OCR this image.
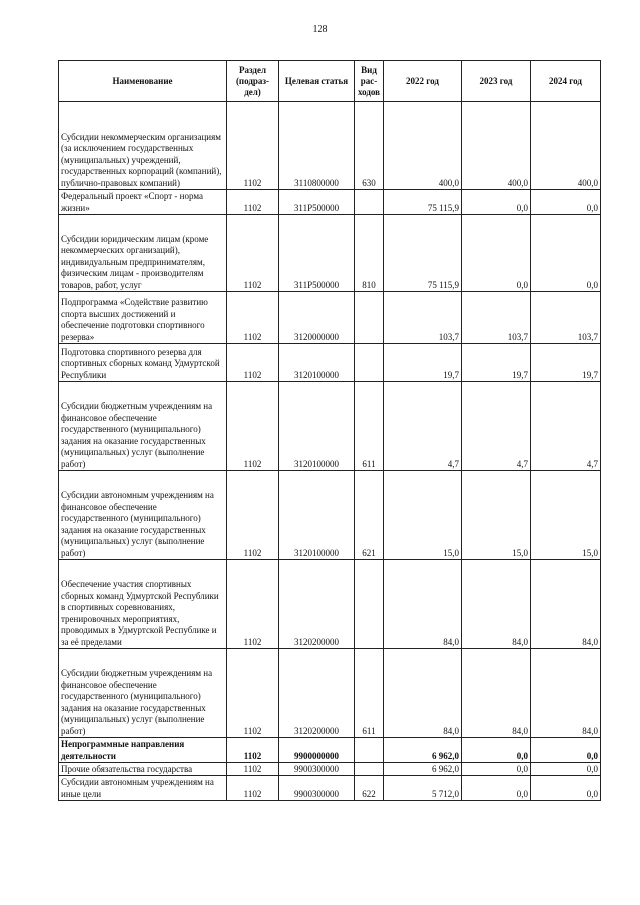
128
Наименование	Раздел (подраз-дел)	Целевая статья	Вид рас-ходов	2022 год	2023 год	2024 год
Субсидии некоммерческим организациям (за исключением государственных (муниципальных) учреждений, государственных корпораций (компаний), публично-правовых компаний)	1102	3110800000	630	400,0	400,0	400,0
Федеральный проект «Спорт - норма жизни»	1102	311Р500000		75 115,9	0,0	0,0
Субсидии юридическим лицам (кроме некоммерческих организаций), индивидуальным предпринимателям, физическим лицам - производителям товаров, работ, услуг	1102	311Р500000	810	75 115,9	0,0	0,0
Подпрограмма «Содействие развитию спорта высших достижений и обеспечение подготовки спортивного резерва»	1102	3120000000		103,7	103,7	103,7
Подготовка спортивного резерва для спортивных сборных команд Удмуртской Республики	1102	3120100000		19,7	19,7	19,7
Субсидии бюджетным учреждениям на финансовое обеспечение государственного (муниципального) задания на оказание государственных (муниципальных) услуг (выполнение работ)	1102	3120100000	611	4,7	4,7	4,7
Субсидии автономным учреждениям на финансовое обеспечение государственного (муниципального) задания на оказание государственных (муниципальных) услуг (выполнение работ)	1102	3120100000	621	15,0	15,0	15,0
Обеспечение участия спортивных сборных команд Удмуртской Республики в спортивных соревнованиях, тренировочных мероприятиях, проводимых в Удмуртской Республике и за её пределами	1102	3120200000		84,0	84,0	84,0
Субсидии бюджетным учреждениям на финансовое обеспечение государственного (муниципального) задания на оказание государственных (муниципальных) услуг (выполнение работ)	1102	3120200000	611	84,0	84,0	84,0
Непрограммные направления деятельности	1102	9900000000		6 962,0	0,0	0,0
Прочие обязательства государства	1102	9900300000		6 962,0	0,0	0,0
Субсидии автономным учреждениям на иные цели	1102	9900300000	622	5 712,0	0,0	0,0
